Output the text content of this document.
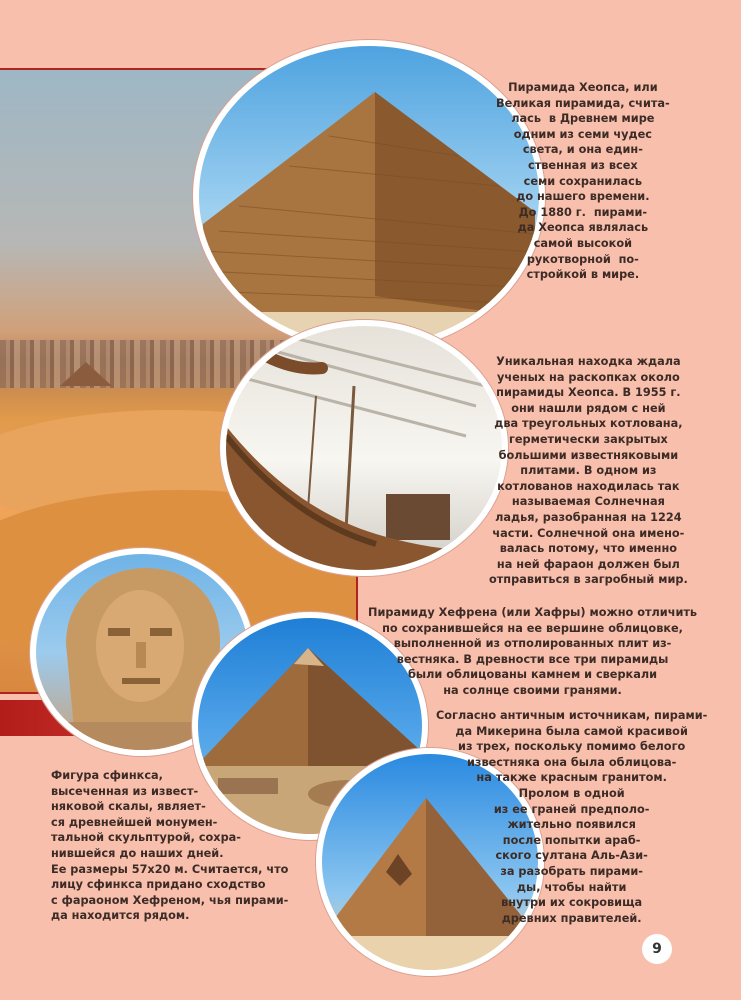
Пирамида Хеопса, или
Великая пирамида, счита-
лась  в Древнем мире
одним из семи чудес
света, и она един-
ственная из всех
семи сохранилась
до нашего времени.
До 1880 г.  пирами-
да Хеопса являлась
самой высокой
рукотворной  по-
стройкой в мире.
Уникальная находка ждала
ученых на раскопках около
пирамиды Хеопса. В 1955 г.
они нашли рядом с ней
два треугольных котлована,
герметически закрытых
большими известняковыми
плитами. В одном из
котлованов находилась так
называемая Солнечная
ладья, разобранная на 1224
части. Солнечной она имено-
валась потому, что именно
на ней фараон должен был
отправиться в загробный мир.
Пирамиду Хефрена (или Хафры) можно отличить
по сохранившейся на ее вершине облицовке,
выполненной из отполированных плит из-
вестняка. В древности все три пирамиды
были облицованы камнем и сверкали
на солнце своими гранями.
Согласно античным источникам, пирами-
да Микерина была самой красивой
из трех, поскольку помимо белого
известняка она была облицова-
на также красным гранитом.
Пролом в одной
из ее граней предполо-
жительно появился
после попытки араб-
ского султана Аль-Ази-
за разобрать пирами-
ды, чтобы найти
внутри их сокровища
древних правителей.
Фигура сфинкса,
высеченная из извест-
няковой скалы, являет-
ся древнейшей монумен-
тальной скульптурой, сохра-
нившейся до наших дней.
Ее размеры 57х20 м. Считается, что
лицу сфинкса придано сходство
с фараоном Хефреном, чья пирами-
да находится рядом.
9
